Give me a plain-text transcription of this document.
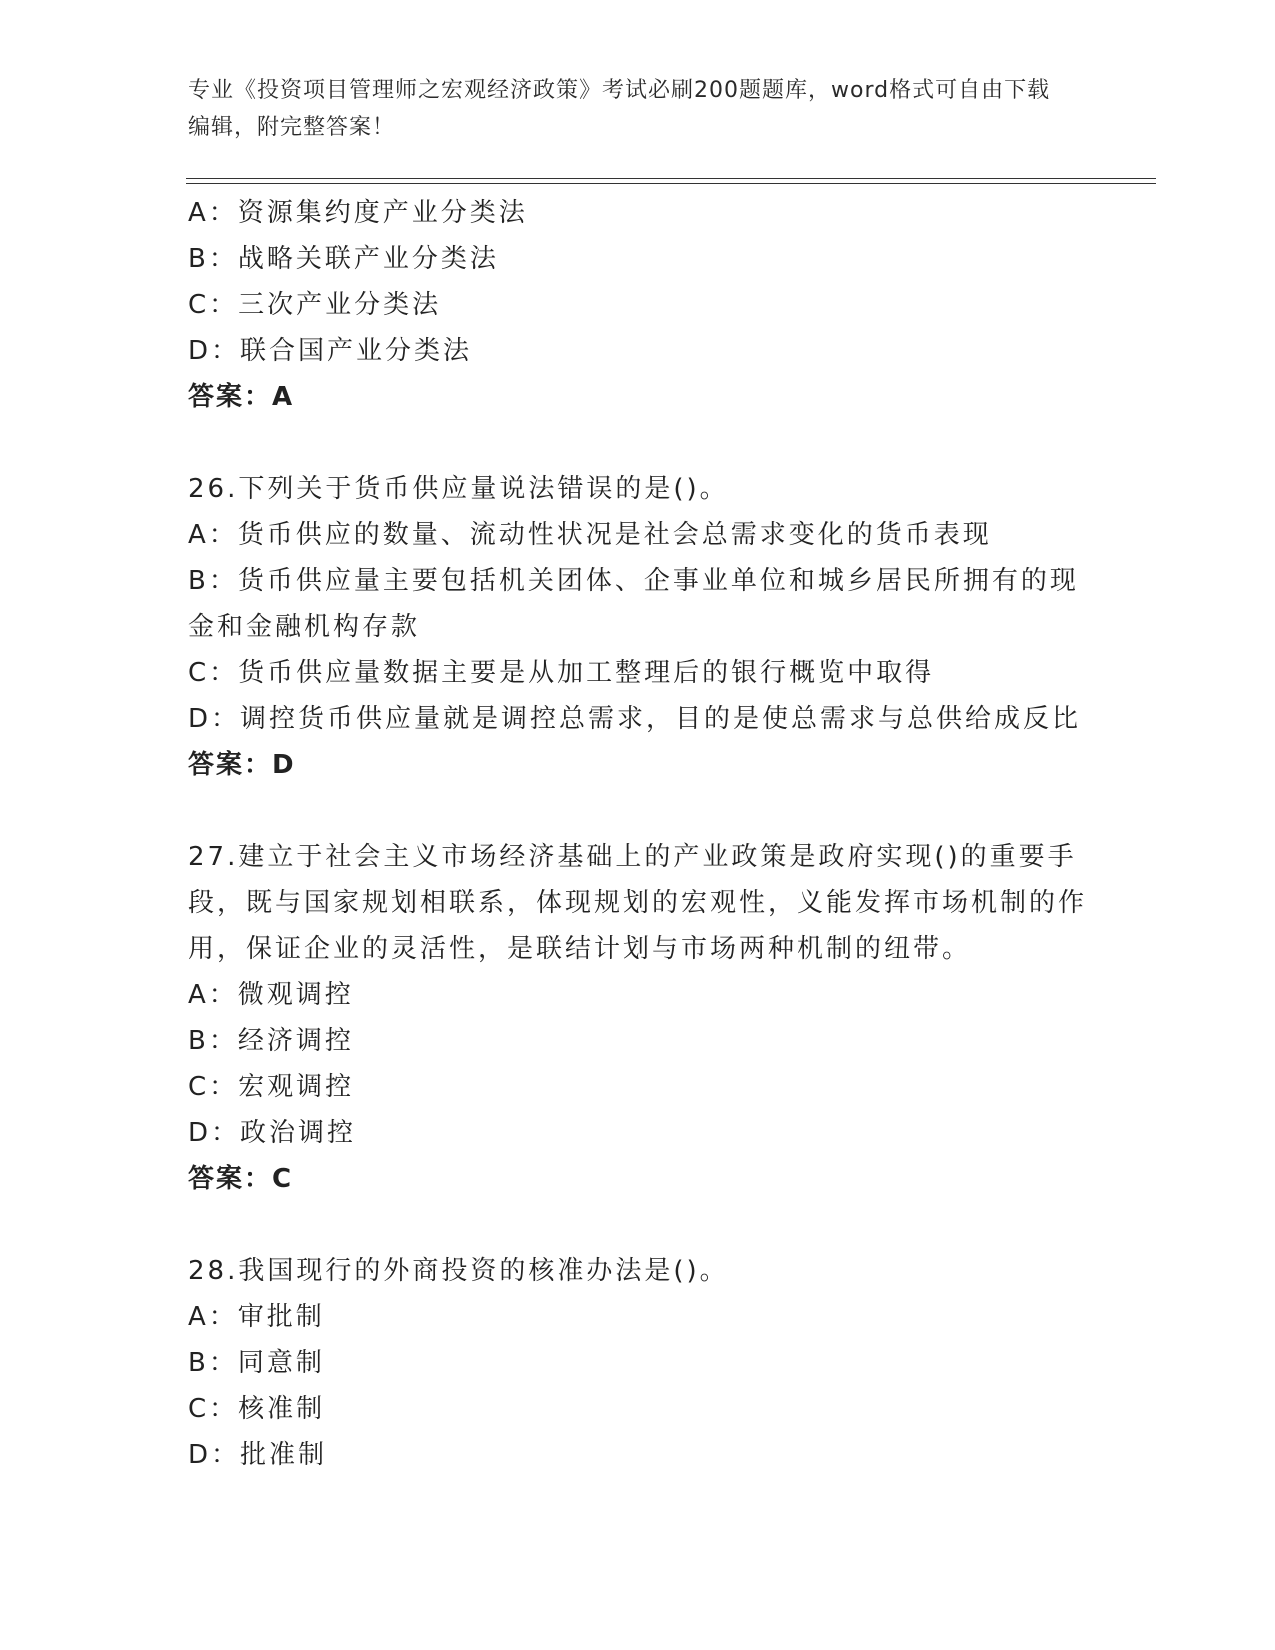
专业《投资项目管理师之宏观经济政策》考试必刷200题题库，word格式可自由下载编辑，附完整答案！
A：资源集约度产业分类法
B：战略关联产业分类法
C：三次产业分类法
D：联合国产业分类法
答案：A
26.下列关于货币供应量说法错误的是()。
A：货币供应的数量、流动性状况是社会总需求变化的货币表现
B：货币供应量主要包括机关团体、企事业单位和城乡居民所拥有的现金和金融机构存款
C：货币供应量数据主要是从加工整理后的银行概览中取得
D：调控货币供应量就是调控总需求，目的是使总需求与总供给成反比
答案：D
27.建立于社会主义市场经济基础上的产业政策是政府实现()的重要手段，既与国家规划相联系，体现规划的宏观性，义能发挥市场机制的作用，保证企业的灵活性，是联结计划与市场两种机制的纽带。
A：微观调控
B：经济调控
C：宏观调控
D：政治调控
答案：C
28.我国现行的外商投资的核准办法是()。
A：审批制
B：同意制
C：核准制
D：批准制
